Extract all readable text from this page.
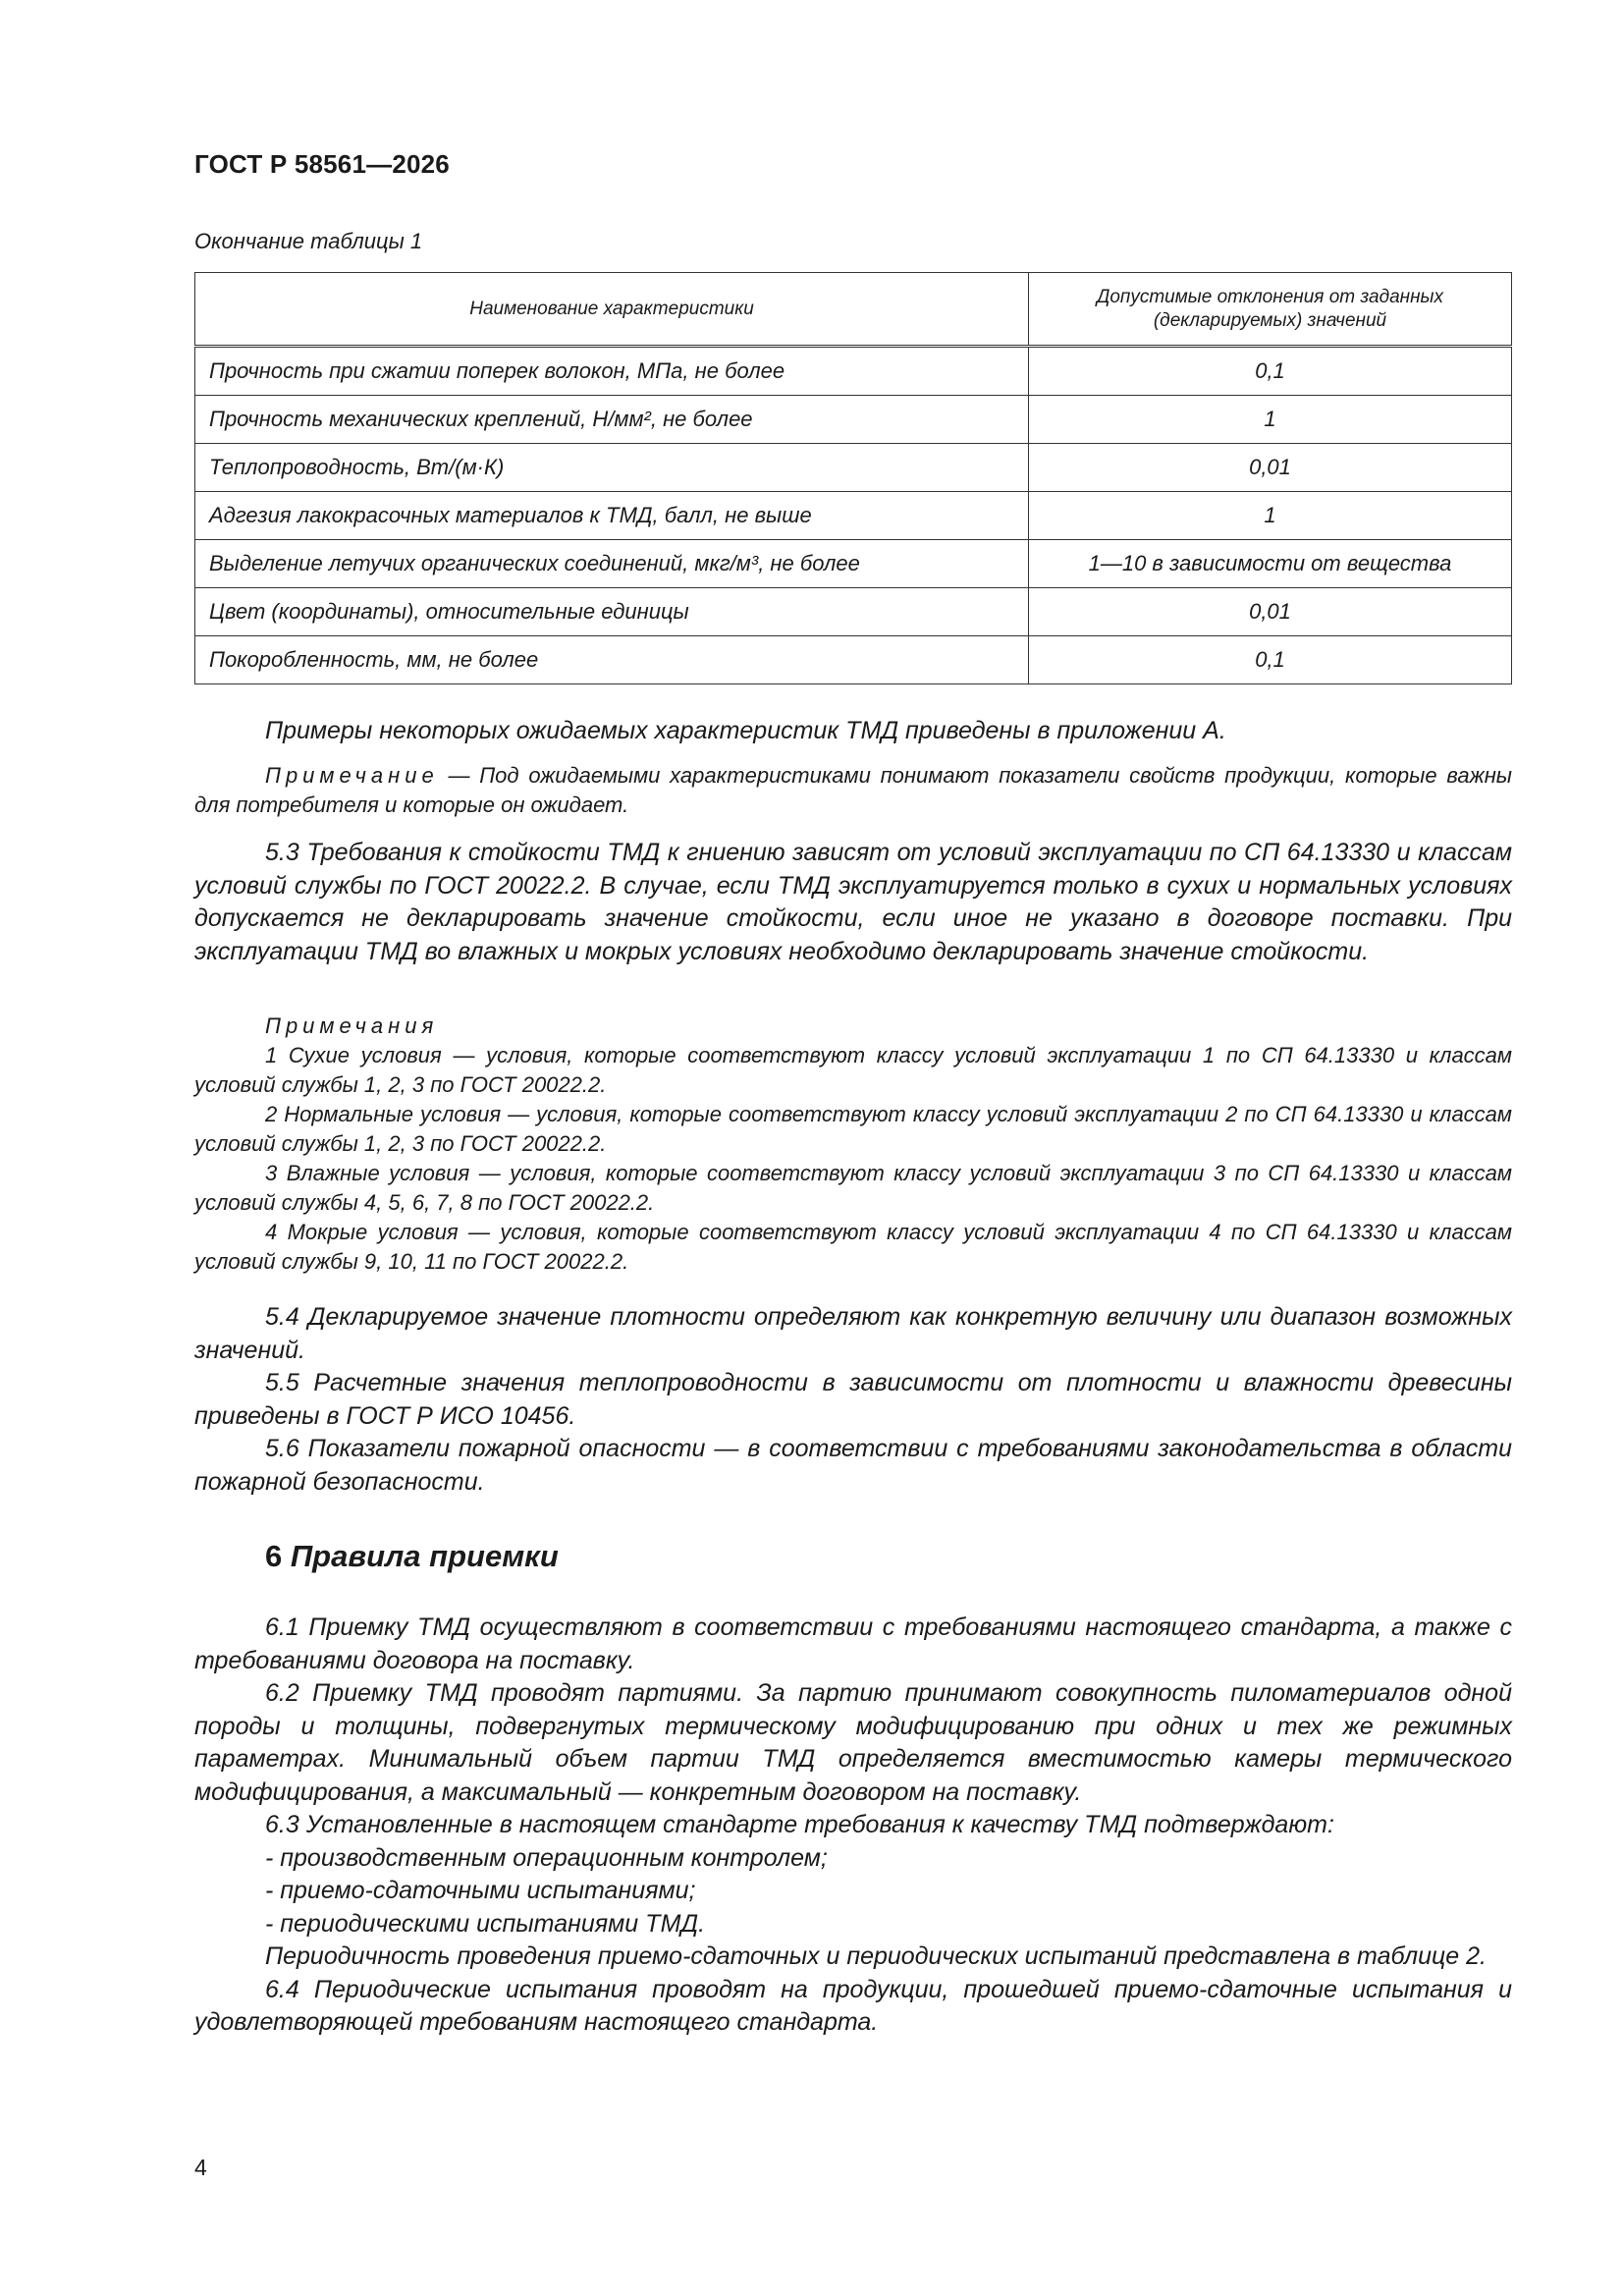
ГОСТ Р 58561—2026
Окончание таблицы 1
Наименование характеристики	Допустимые отклонения от заданных (декларируемых) значений
Прочность при сжатии поперек волокон, МПа, не более	0,1
Прочность механических креплений, Н/мм², не более	1
Теплопроводность, Вт/(м·К)	0,01
Адгезия лакокрасочных материалов к ТМД, балл, не выше	1
Выделение летучих органических соединений, мкг/м³, не более	1—10 в зависимости от вещества
Цвет (координаты), относительные единицы	0,01
Покоробленность, мм, не более	0,1

Примеры некоторых ожидаемых характеристик ТМД приведены в приложении А.

Примечание — Под ожидаемыми характеристиками понимают показатели свойств продукции, которые важны для потребителя и которые он ожидает.

5.3 Требования к стойкости ТМД к гниению зависят от условий эксплуатации по СП 64.13330 и классам условий службы по ГОСТ 20022.2. В случае, если ТМД эксплуатируется только в сухих и нормальных условиях допускается не декларировать значение стойкости, если иное не указано в договоре поставки. При эксплуатации ТМД во влажных и мокрых условиях необходимо декларировать значение стойкости.

Примечания

1 Сухие условия — условия, которые соответствуют классу условий эксплуатации 1 по СП 64.13330 и классам условий службы 1, 2, 3 по ГОСТ 20022.2.

2 Нормальные условия — условия, которые соответствуют классу условий эксплуатации 2 по СП 64.13330 и классам условий службы 1, 2, 3 по ГОСТ 20022.2.

3 Влажные условия — условия, которые соответствуют классу условий эксплуатации 3 по СП 64.13330 и классам условий службы 4, 5, 6, 7, 8 по ГОСТ 20022.2.

4 Мокрые условия — условия, которые соответствуют классу условий эксплуатации 4 по СП 64.13330 и классам условий службы 9, 10, 11 по ГОСТ 20022.2.

5.4 Декларируемое значение плотности определяют как конкретную величину или диапазон возможных значений.

5.5 Расчетные значения теплопроводности в зависимости от плотности и влажности древесины приведены в ГОСТ Р ИСО 10456.

5.6 Показатели пожарной опасности — в соответствии с требованиями законодательства в области пожарной безопасности.

6 Правила приемки

6.1 Приемку ТМД осуществляют в соответствии с требованиями настоящего стандарта, а также с требованиями договора на поставку.

6.2 Приемку ТМД проводят партиями. За партию принимают совокупность пиломатериалов одной породы и толщины, подвергнутых термическому модифицированию при одних и тех же режимных параметрах. Минимальный объем партии ТМД определяется вместимостью камеры термического модифицирования, а максимальный — конкретным договором на поставку.

6.3 Установленные в настоящем стандарте требования к качеству ТМД подтверждают:

- производственным операционным контролем;

- приемо-сдаточными испытаниями;

- периодическими испытаниями ТМД.

Периодичность проведения приемо-сдаточных и периодических испытаний представлена в таблице 2.

6.4 Периодические испытания проводят на продукции, прошедшей приемо-сдаточные испытания и удовлетворяющей требованиям настоящего стандарта.

4
